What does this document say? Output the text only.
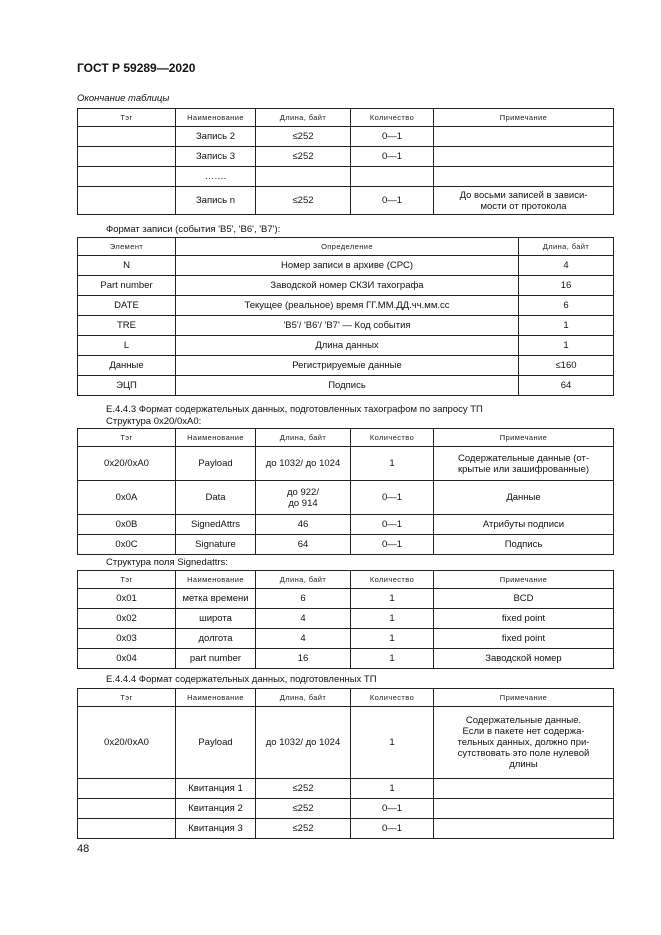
ГОСТ Р 59289—2020
Окончание таблицы
Тэг	Наименование	Длина, байт	Количество	Примечание
	Запись 2	≤252	0—1	
	Запись 3	≤252	0—1	
	…….			
	Запись n	≤252	0—1	До восьми записей в зависи-
мости от протокола
Формат записи (события 'B5', 'B6', 'B7'):
Элемент	Определение	Длина, байт
N	Номер записи в архиве (СРС)	4
Part number	Заводской номер СКЗИ тахографа	16
DATE	Текущее (реальное) время ГГ.ММ.ДД.чч.мм.сс	6
TRE	'B5'/ 'B6'/ 'B7' — Код события	1
L	Длина данных	1
Данные	Регистрируемые данные	≤160
ЭЦП	Подпись	64
Е.4.4.3 Формат содержательных данных, подготовленных тахографом по запросу ТП
Структура 0x20/0xA0:
Тэг	Наименование	Длина, байт	Количество	Примечание
0x20/0xA0	Payload	до 1032/ до 1024	1	Содержательные данные (от-
крытые или зашифрованные)
0x0A	Data	до 922/
до 914	0—1	Данные
0x0B	SignedAttrs	46	0—1	Атрибуты подписи
0x0C	Signature	64	0—1	Подпись
Структура поля Signedattrs:
Тэг	Наименование	Длина, байт	Количество	Примечание
0x01	метка времени	6	1	BCD
0x02	широта	4	1	fixed point
0x03	долгота	4	1	fixed point
0x04	part number	16	1	Заводской номер
Е.4.4.4 Формат содержательных данных, подготовленных ТП
Тэг	Наименование	Длина, байт	Количество	Примечание
0x20/0xA0	Payload	до 1032/ до 1024	1	Содержательные данные.
Если в пакете нет содержа-
тельных данных, должно при-
сутствовать это поле нулевой
длины
	Квитанция 1	≤252	1	
	Квитанция 2	≤252	0—1	
	Квитанция 3	≤252	0—1	
48
